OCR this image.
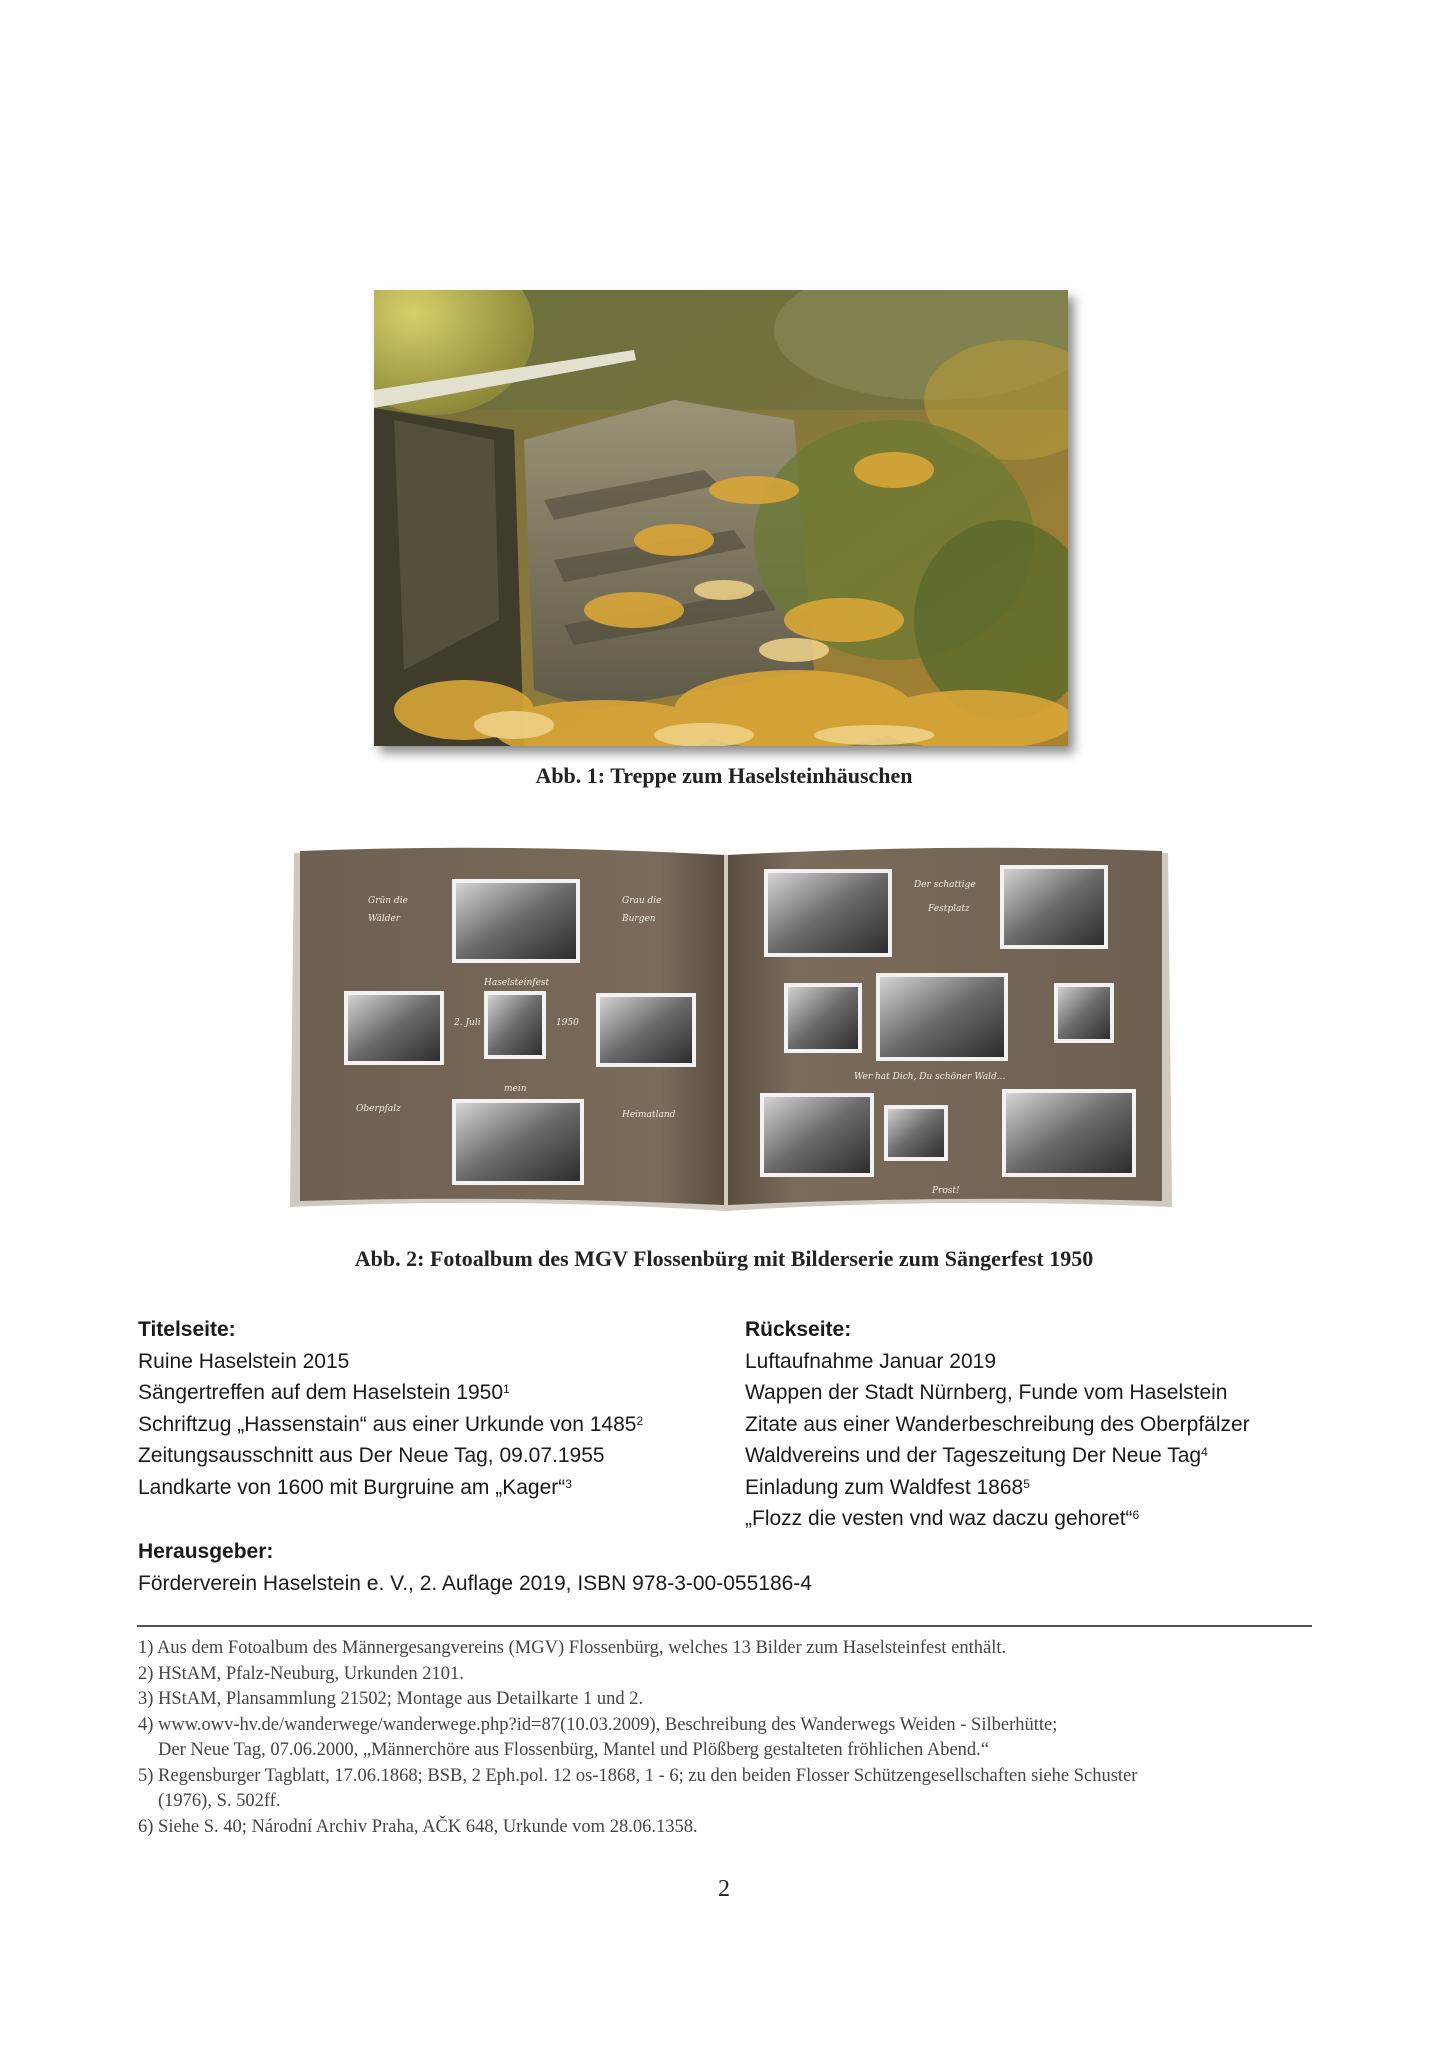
Abb. 1: Treppe zum Haselsteinhäuschen
Grün die
Wälder
Grau die
Burgen
Haselsteinfest
2. Juli	1950
mein
Oberpfalz
Heimatland
Der schattige
Festplatz
Wer hat Dich, Du schöner Wald...
Prost!
Abb. 2: Fotoalbum des MGV Flossenbürg mit Bilderserie zum Sängerfest 1950
Titelseite:
Ruine Haselstein 2015
Sängertreffen auf dem Haselstein 1950$^1$
Schriftzug „Hassenstain“ aus einer Urkunde von 1485$^2$
Zeitungsausschnitt aus Der Neue Tag, 09.07.1955
Landkarte von 1600 mit Burgruine am „Kager“$^3$
Rückseite:
Luftaufnahme Januar 2019
Wappen der Stadt Nürnberg, Funde vom Haselstein
Zitate aus einer Wanderbeschreibung des Oberpfälzer
Waldvereins und der Tageszeitung Der Neue Tag$^4$
Einladung zum Waldfest 1868$^5$
„Flozz die vesten vnd waz daczu gehoret“$^6$
Herausgeber:
Förderverein Haselstein e. V., 2. Auflage 2019, ISBN 978-3-00-055186-4
1) Aus dem Fotoalbum des Männergesangvereins (MGV) Flossenbürg, welches 13 Bilder zum Haselsteinfest enthält.
2) HStAM, Pfalz-Neuburg, Urkunden 2101.
3) HStAM, Plansammlung 21502; Montage aus Detailkarte 1 und 2.
4) www.owv-hv.de/wanderwege/wanderwege.php?id=87(10.03.2009), Beschreibung des Wanderwegs Weiden - Silberhütte;
Der Neue Tag, 07.06.2000, „Männerchöre aus Flossenbürg, Mantel und Plößberg gestalteten fröhlichen Abend.“
5) Regensburger Tagblatt, 17.06.1868; BSB, 2 Eph.pol. 12 os-1868, 1 - 6; zu den beiden Flosser Schützengesellschaften siehe Schuster
(1976), S. 502ff.
6) Siehe S. 40; Národní Archiv Praha, AČK 648, Urkunde vom 28.06.1358.
2
